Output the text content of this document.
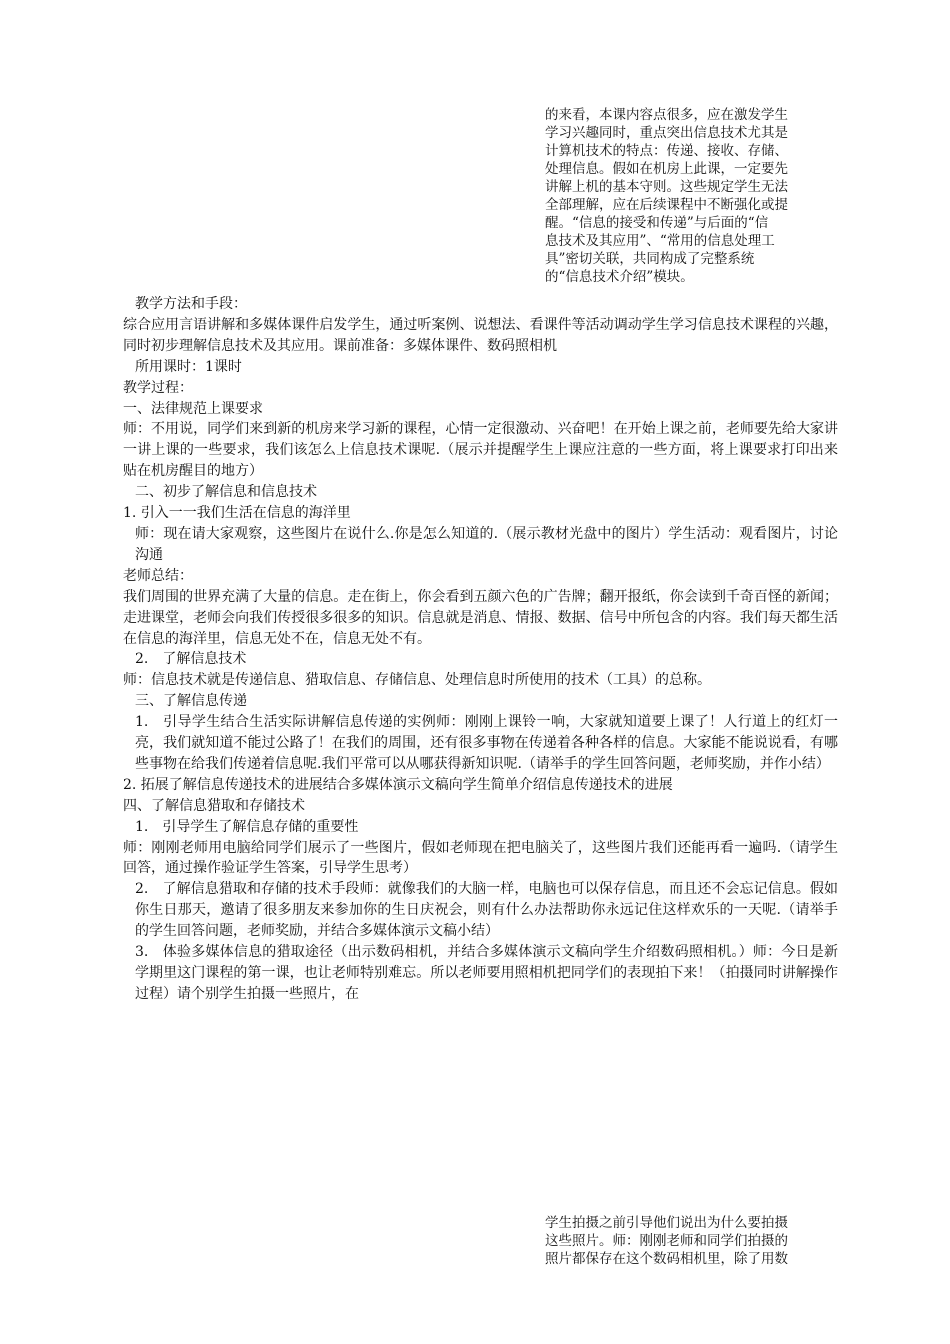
的来看，本课内容点很多，应在激发学生

学习兴趣同时，重点突出信息技术尤其是

计算机技术的特点：传递、接收、存储、

处理信息。假如在机房上此课，一定要先

讲解上机的基本守则。这些规定学生无法

全部理解，应在后续课程中不断强化或提

醒。“信息的接受和传递”与后面的“信

息技术及其应用”、“常用的信息处理工

具”密切关联，共同构成了完整系统

的“信息技术介绍”模块。

教学方法和手段：

综合应用言语讲解和多媒体课件启发学生，通过听案例、说想法、看课件等活动调动学生学习信息技术课程的兴趣，同时初步理解信息技术及其应用。课前准备：多媒体课件、数码照相机

所用课时：1课时

教学过程：

一、法律规范上课要求

师：不用说，同学们来到新的机房来学习新的课程，心情一定很激动、兴奋吧！在开始上课之前，老师要先给大家讲一讲上课的一些要求，我们该怎么上信息技术课呢.（展示并提醒学生上课应注意的一些方面，将上课要求打印出来贴在机房醒目的地方）

二、初步了解信息和信息技术

1. 引入一一我们生活在信息的海洋里

师：现在请大家观察，这些图片在说什么.你是怎么知道的.（展示教材光盘中的图片）学生活动：观看图片，讨论沟通

老师总结：

我们周围的世界充满了大量的信息。走在街上，你会看到五颜六色的广告牌；翻开报纸，你会读到千奇百怪的新闻；走进课堂，老师会向我们传授很多很多的知识。信息就是消息、情报、数据、信号中所包含的内容。我们每天都生活在信息的海洋里，信息无处不在，信息无处不有。

2.　了解信息技术

师：信息技术就是传递信息、猎取信息、存储信息、处理信息时所使用的技术（工具）的总称。

三、了解信息传递

1.　引导学生结合生活实际讲解信息传递的实例师：刚刚上课铃一响，大家就知道要上课了！人行道上的红灯一亮，我们就知道不能过公路了！在我们的周围，还有很多事物在传递着各种各样的信息。大家能不能说说看，有哪些事物在给我们传递着信息呢.我们平常可以从哪获得新知识呢.（请举手的学生回答问题，老师奖励，并作小结）

2. 拓展了解信息传递技术的进展结合多媒体演示文稿向学生简单介绍信息传递技术的进展

四、了解信息猎取和存储技术

1.　引导学生了解信息存储的重要性

师：刚刚老师用电脑给同学们展示了一些图片，假如老师现在把电脑关了，这些图片我们还能再看一遍吗.（请学生回答，通过操作验证学生答案，引导学生思考）

2.　了解信息猎取和存储的技术手段师：就像我们的大脑一样，电脑也可以保存信息，而且还不会忘记信息。假如你生日那天，邀请了很多朋友来参加你的生日庆祝会，则有什么办法帮助你永远记住这样欢乐的一天呢.（请举手的学生回答问题，老师奖励，并结合多媒体演示文稿小结）

3.　体验多媒体信息的猎取途径（出示数码相机，并结合多媒体演示文稿向学生介绍数码照相机。）师：今日是新学期里这门课程的第一课，也让老师特别难忘。所以老师要用照相机把同学们的表现拍下来！（拍摄同时讲解操作过程）请个别学生拍摄一些照片，在

学生拍摄之前引导他们说出为什么要拍摄

这些照片。师：刚刚老师和同学们拍摄的

照片都保存在这个数码相机里，除了用数
